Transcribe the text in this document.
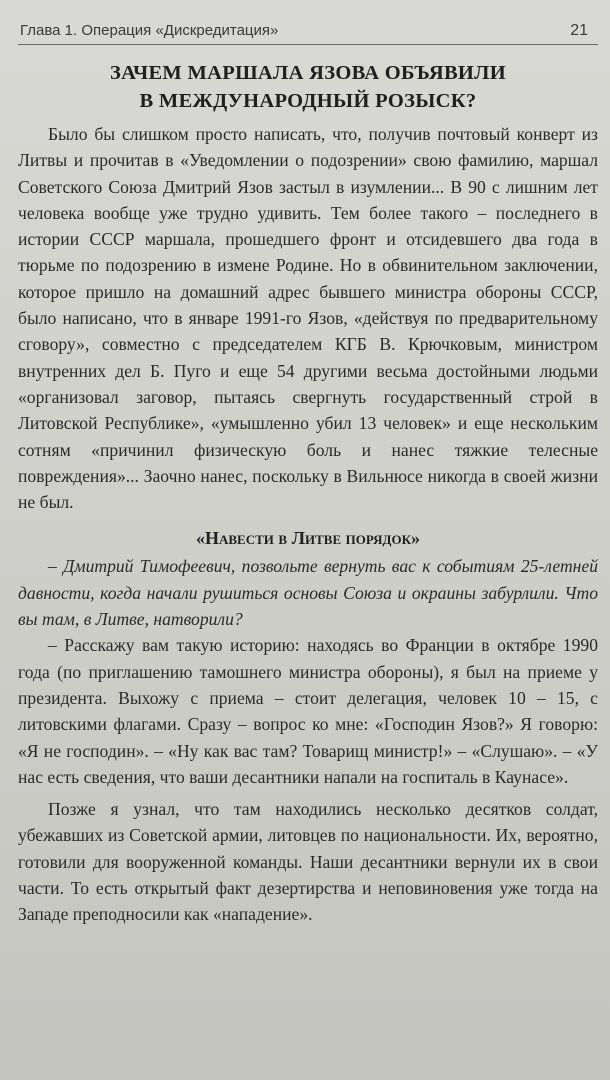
Глава 1. Операция «Дискредитация»	21
ЗАЧЕМ МАРШАЛА ЯЗОВА ОБЪЯВИЛИ
В МЕЖДУНАРОДНЫЙ РОЗЫСК?

Было бы слишком просто написать, что, получив почтовый конверт из Литвы и прочитав в «Уведомлении о подозрении» свою фамилию, маршал Советского Союза Дмитрий Язов застыл в изумлении... В 90 с лишним лет человека вообще уже трудно удивить. Тем более такого – последнего в истории СССР маршала, прошедшего фронт и отсидевшего два года в тюрьме по подозрению в измене Родине. Но в обвинительном заключении, которое пришло на домашний адрес бывшего министра обороны СССР, было написано, что в январе 1991-го Язов, «действуя по предварительному сговору», совместно с председателем КГБ В. Крючковым, министром внутренних дел Б. Пуго и еще 54 другими весьма достойными людьми «организовал заговор, пытаясь свергнуть государственный строй в Литовской Республике», «умышленно убил 13 человек» и еще нескольким сотням «причинил физическую боль и нанес тяжкие телесные повреждения»... Заочно нанес, поскольку в Вильнюсе никогда в своей жизни не был.

«Навести в Литве порядок»

– Дмитрий Тимофеевич, позвольте вернуть вас к событиям 25-летней давности, когда начали рушиться основы Союза и окраины забурлили. Что вы там, в Литве, натворили?

– Расскажу вам такую историю: находясь во Франции в октябре 1990 года (по приглашению тамошнего министра обороны), я был на приеме у президента. Выхожу с приема – стоит делегация, человек 10 – 15, с литовскими флагами. Сразу – вопрос ко мне: «Господин Язов?» Я говорю: «Я не господин». – «Ну как вас там? Товарищ министр!» – «Слушаю». – «У нас есть сведения, что ваши десантники напали на госпиталь в Каунасе».

Позже я узнал, что там находились несколько десятков солдат, убежавших из Советской армии, литовцев по национальности. Их, вероятно, готовили для вооруженной команды. Наши десантники вернули их в свои части. То есть открытый факт дезертирства и неповиновения уже тогда на Западе преподносили как «нападение».
